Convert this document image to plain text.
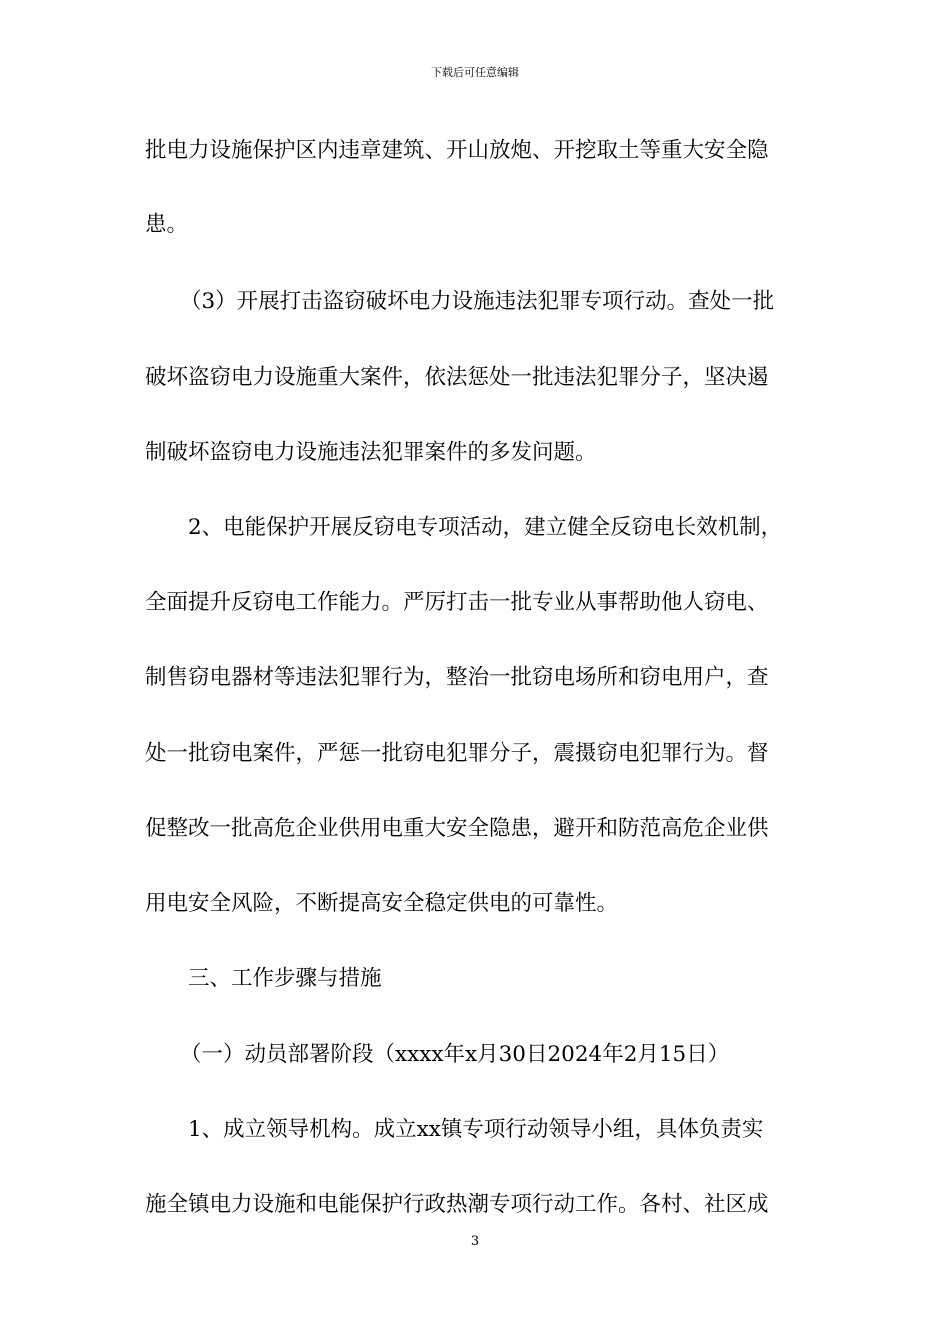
下载后可任意编辑
批电力设施保护区内违章建筑、开山放炮、开挖取土等重大安全隐
患。
（3）开展打击盗窃破坏电力设施违法犯罪专项行动。查处一批
破坏盗窃电力设施重大案件，依法惩处一批违法犯罪分子，坚决遏
制破坏盗窃电力设施违法犯罪案件的多发问题。
2、电能保护开展反窃电专项活动，建立健全反窃电长效机制，
全面提升反窃电工作能力。严厉打击一批专业从事帮助他人窃电、
制售窃电器材等违法犯罪行为，整治一批窃电场所和窃电用户，查
处一批窃电案件，严惩一批窃电犯罪分子，震摄窃电犯罪行为。督
促整改一批高危企业供用电重大安全隐患，避开和防范高危企业供
用电安全风险，不断提高安全稳定供电的可靠性。
三、工作步骤与措施
（一）动员部署阶段（xxxx年x月30日2024年2月15日）
1、成立领导机构。成立xx镇专项行动领导小组，具体负责实
施全镇电力设施和电能保护行政热潮专项行动工作。各村、社区成
3
